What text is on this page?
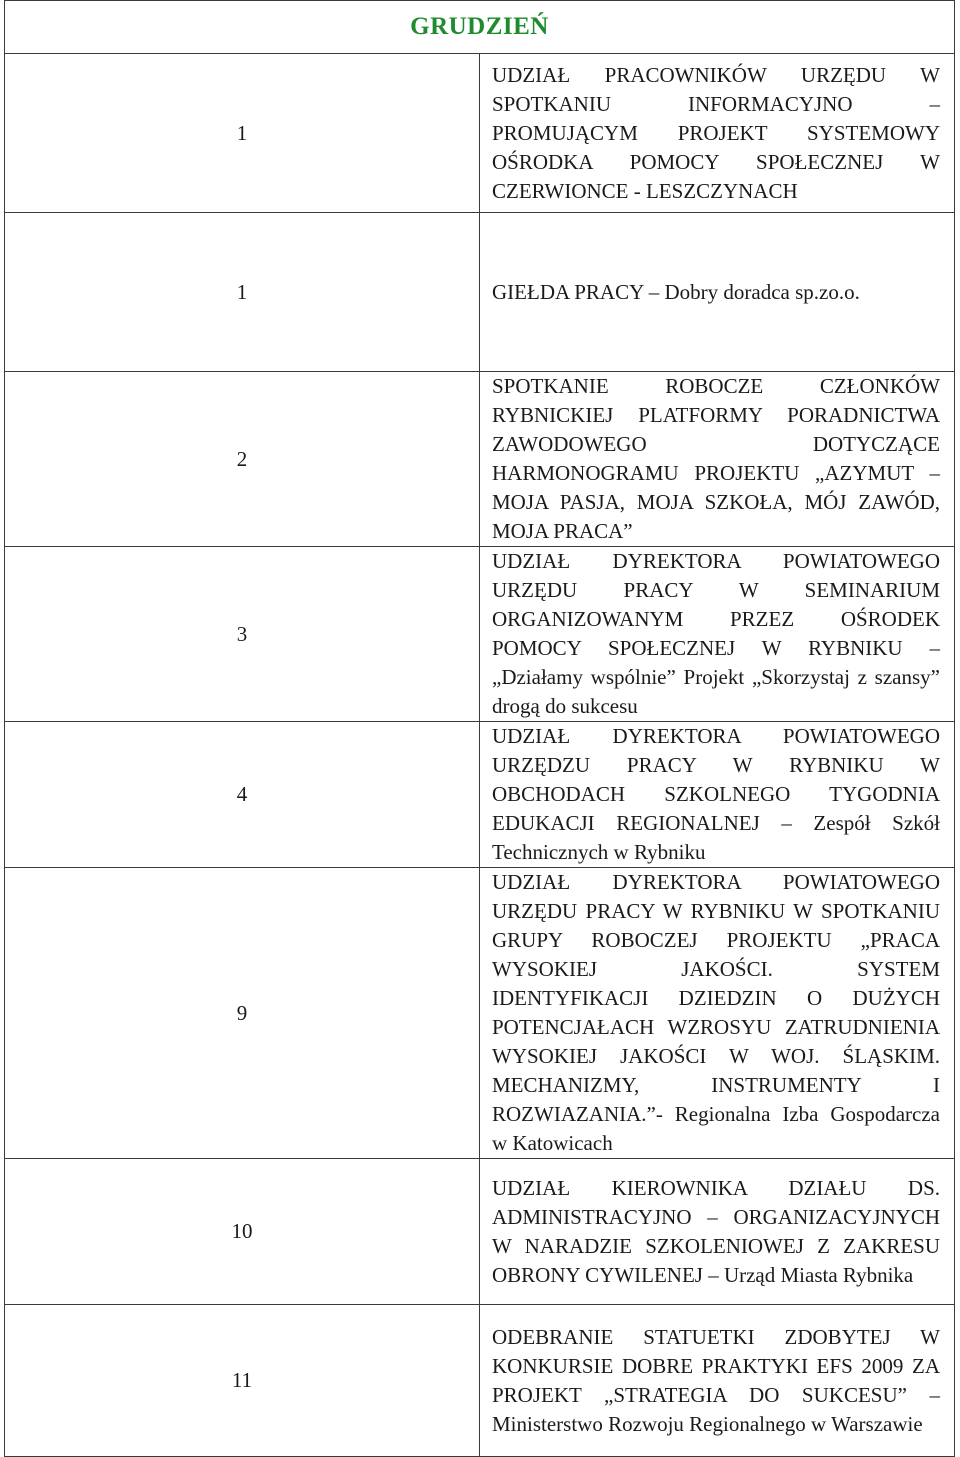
GRUDZIEŃ	
1	UDZIAŁ PRACOWNIKÓW URZĘDU W SPOTKANIU INFORMACYJNO – PROMUJĄCYM PROJEKT SYSTEMOWY OŚRODKA POMOCY SPOŁECZNEJ W CZERWIONCE - LESZCZYNACH
1	GIEŁDA PRACY – Dobry doradca sp.zo.o.
2	SPOTKANIE ROBOCZE CZŁONKÓW RYBNICKIEJ PLATFORMY PORADNICTWA ZAWODOWEGO DOTYCZĄCE HARMONOGRAMU PROJEKTU „AZYMUT – MOJA PASJA, MOJA SZKOŁA, MÓJ ZAWÓD, MOJA PRACA”
3	UDZIAŁ DYREKTORA POWIATOWEGO URZĘDU PRACY W SEMINARIUM ORGANIZOWANYM PRZEZ OŚRODEK POMOCY SPOŁECZNEJ W RYBNIKU – „Działamy wspólnie” Projekt „Skorzystaj z szansy” drogą do sukcesu
4	UDZIAŁ DYREKTORA POWIATOWEGO URZĘDZU PRACY W RYBNIKU W OBCHODACH SZKOLNEGO TYGODNIA EDUKACJI REGIONALNEJ – Zespół Szkół Technicznych w Rybniku
9	UDZIAŁ DYREKTORA POWIATOWEGO URZĘDU PRACY W RYBNIKU W SPOTKANIU GRUPY ROBOCZEJ PROJEKTU „PRACA WYSOKIEJ JAKOŚCI. SYSTEM IDENTYFIKACJI DZIEDZIN O DUŻYCH POTENCJAŁACH WZROSYU ZATRUDNIENIA WYSOKIEJ JAKOŚCI W WOJ. ŚLĄSKIM. MECHANIZMY, INSTRUMENTY I ROZWIAZANIA.”- Regionalna Izba Gospodarcza w Katowicach
10	UDZIAŁ KIEROWNIKA DZIAŁU DS. ADMINISTRACYJNO – ORGANIZACYJNYCH W NARADZIE SZKOLENIOWEJ Z ZAKRESU OBRONY CYWILENEJ – Urząd Miasta Rybnika
11	ODEBRANIE STATUETKI ZDOBYTEJ W KONKURSIE DOBRE PRAKTYKI EFS 2009 ZA PROJEKT „STRATEGIA DO SUKCESU” – Ministerstwo Rozwoju Regionalnego w Warszawie
